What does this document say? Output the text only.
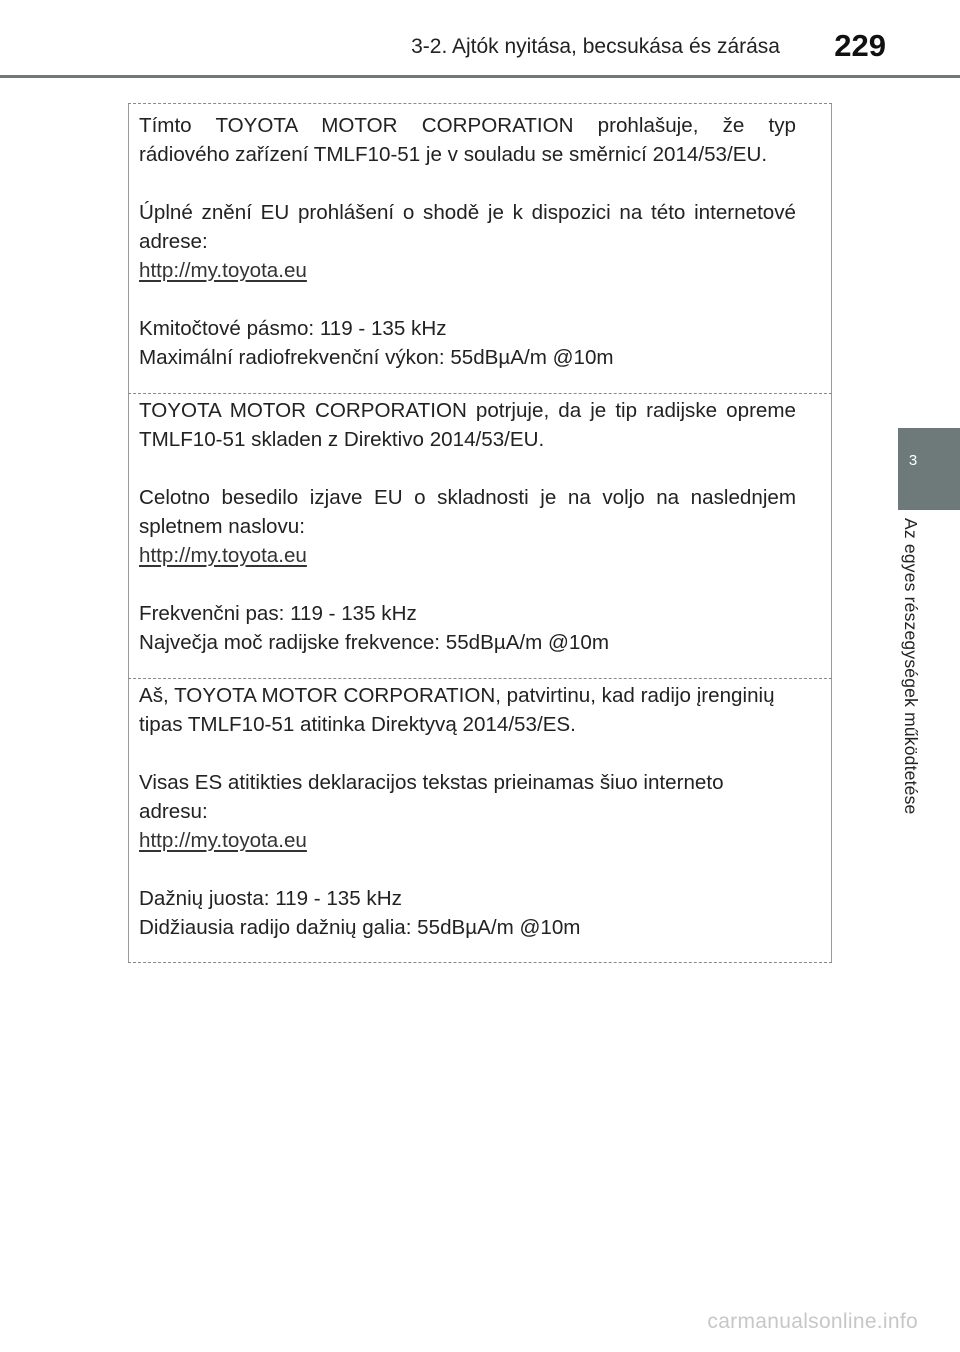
3-2. Ajtók nyitása, becsukása és zárása	229
3
Az egyes részegységek működtetése
Tímto TOYOTA MOTOR CORPORATION prohlašuje, že typ
rádiového zařízení TMLF10-51 je v souladu se směrnicí 2014/53/EU.
Úplné znění EU prohlášení o shodě je k dispozici na této internetové
adrese:
http://my.toyota.eu
Kmitočtové pásmo: 119 - 135 kHz
Maximální radiofrekvenční výkon: 55dBµA/m @10m
TOYOTA MOTOR CORPORATION potrjuje, da je tip radijske opreme
TMLF10-51 skladen z Direktivo 2014/53/EU.
Celotno besedilo izjave EU o skladnosti je na voljo na naslednjem
spletnem naslovu:
http://my.toyota.eu
Frekvenčni pas: 119 - 135 kHz
Največja moč radijske frekvence: 55dBµA/m @10m
Aš, TOYOTA MOTOR CORPORATION, patvirtinu, kad radijo įrenginių
tipas TMLF10-51 atitinka Direktyvą 2014/53/ES.
Visas ES atitikties deklaracijos tekstas prieinamas šiuo interneto
adresu:
http://my.toyota.eu
Dažnių juosta: 119 - 135 kHz
Didžiausia radijo dažnių galia: 55dBµA/m @10m
carmanualsonline.info
